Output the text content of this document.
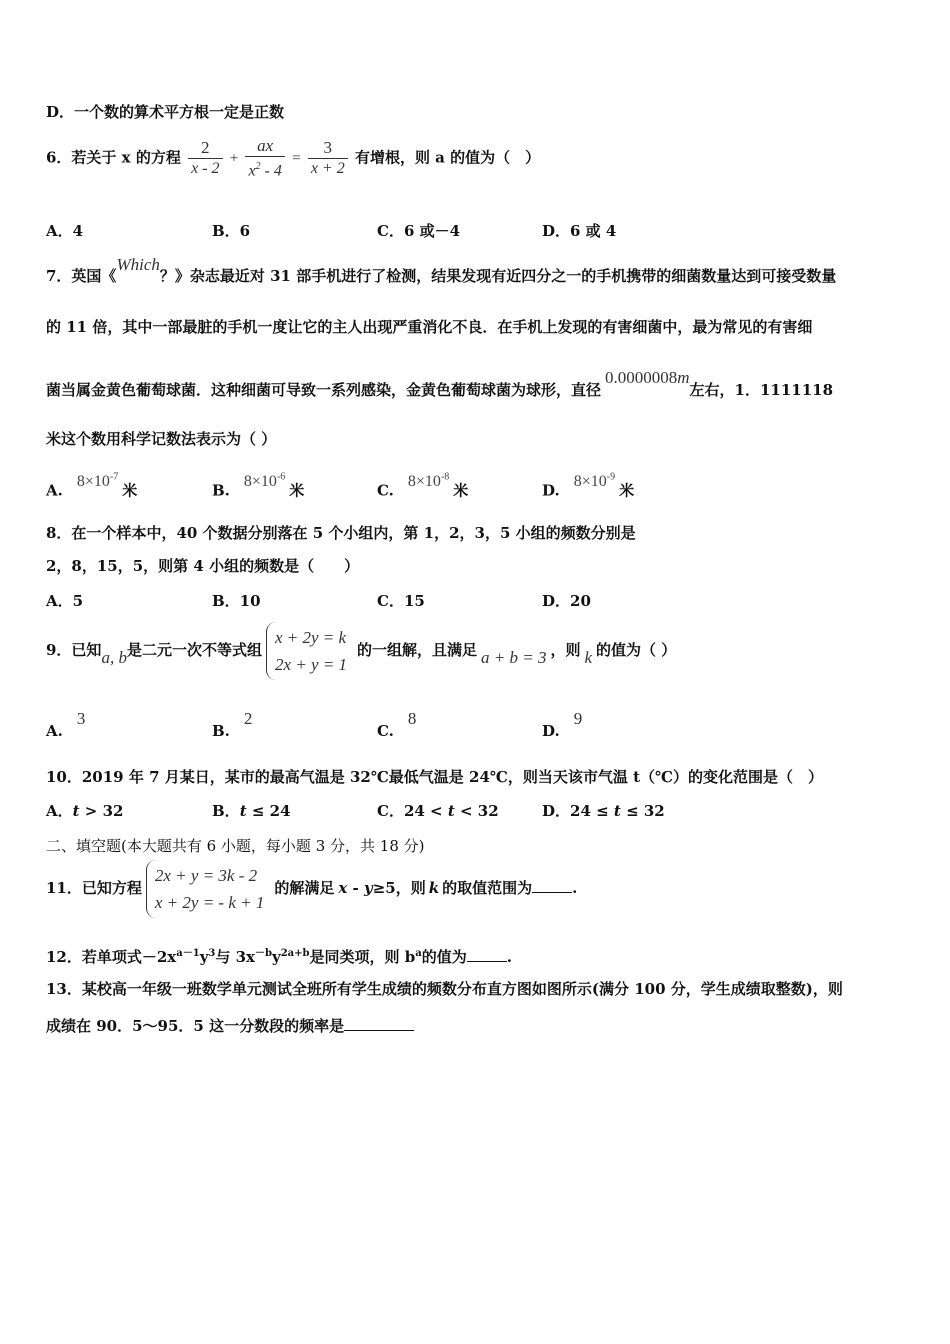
D．一个数的算术平方根一定是正数
6．若关于 x 的方程 $\frac{2}{x - 2} + \frac{ax}{x^2 - 4} = \frac{3}{x + 2}$ 有增根，则 a 的值为（　）
A．4	B．6	C．6 或－4	D．6 或 4
7．英国《Which？》杂志最近对 31 部手机进行了检测，结果发现有近四分之一的手机携带的细菌数量达到可接受数量
的 11 倍，其中一部最脏的手机一度让它的主人出现严重消化不良．在手机上发现的有害细菌中，最为常见的有害细
菌当属金黄色葡萄球菌．这种细菌可导致一系列感染，金黄色葡萄球菌为球形，直径0.0000008m左右，1．1111118
米这个数用科学记数法表示为（ ）
A. $8\times 10^{-7}$米	B. $8\times 10^{-6}$米	C. $8\times 10^{-8}$米	D. $8\times 10^{-9}$米
8．在一个样本中，40 个数据分别落在 5 个小组内，第 1，2，3，5 小组的频数分别是
2，8，15，5，则第 4 小组的频数是（　　）
A．5	B．10	C．15	D．20
9．已知a, b是二元一次不等式组
x + 2y = k
2x + y = 1
的一组解，且满足 a + b = 3 ，则 k 的值为（ ）
A.3
B.2
C.8
D.9
10．2019 年 7 月某日，某市的最高气温是 32℃最低气温是 24℃，则当天该市气温 t（℃）的变化范围是（　）
A．t > 32	B．t ≤ 24	C．24 < t < 32	D．24 ≤ t ≤ 32
二、填空题(本大题共有 6 小题，每小题 3 分，共 18 分)
11．已知方程
2x + y = 3k - 2
x + 2y = - k + 1
的解满足 x - y≥5，则 k 的取值范围为	.
12．若单项式$-2x^{a-1}y^3$与 $3x^{-b}y^{2a+b}$是同类项，则 $b^a$的值为	.
13．某校高一年级一班数学单元测试全班所有学生成绩的频数分布直方图如图所示(满分 100 分，学生成绩取整数)，则
成绩在 90．5～95．5 这一分数段的频率是
